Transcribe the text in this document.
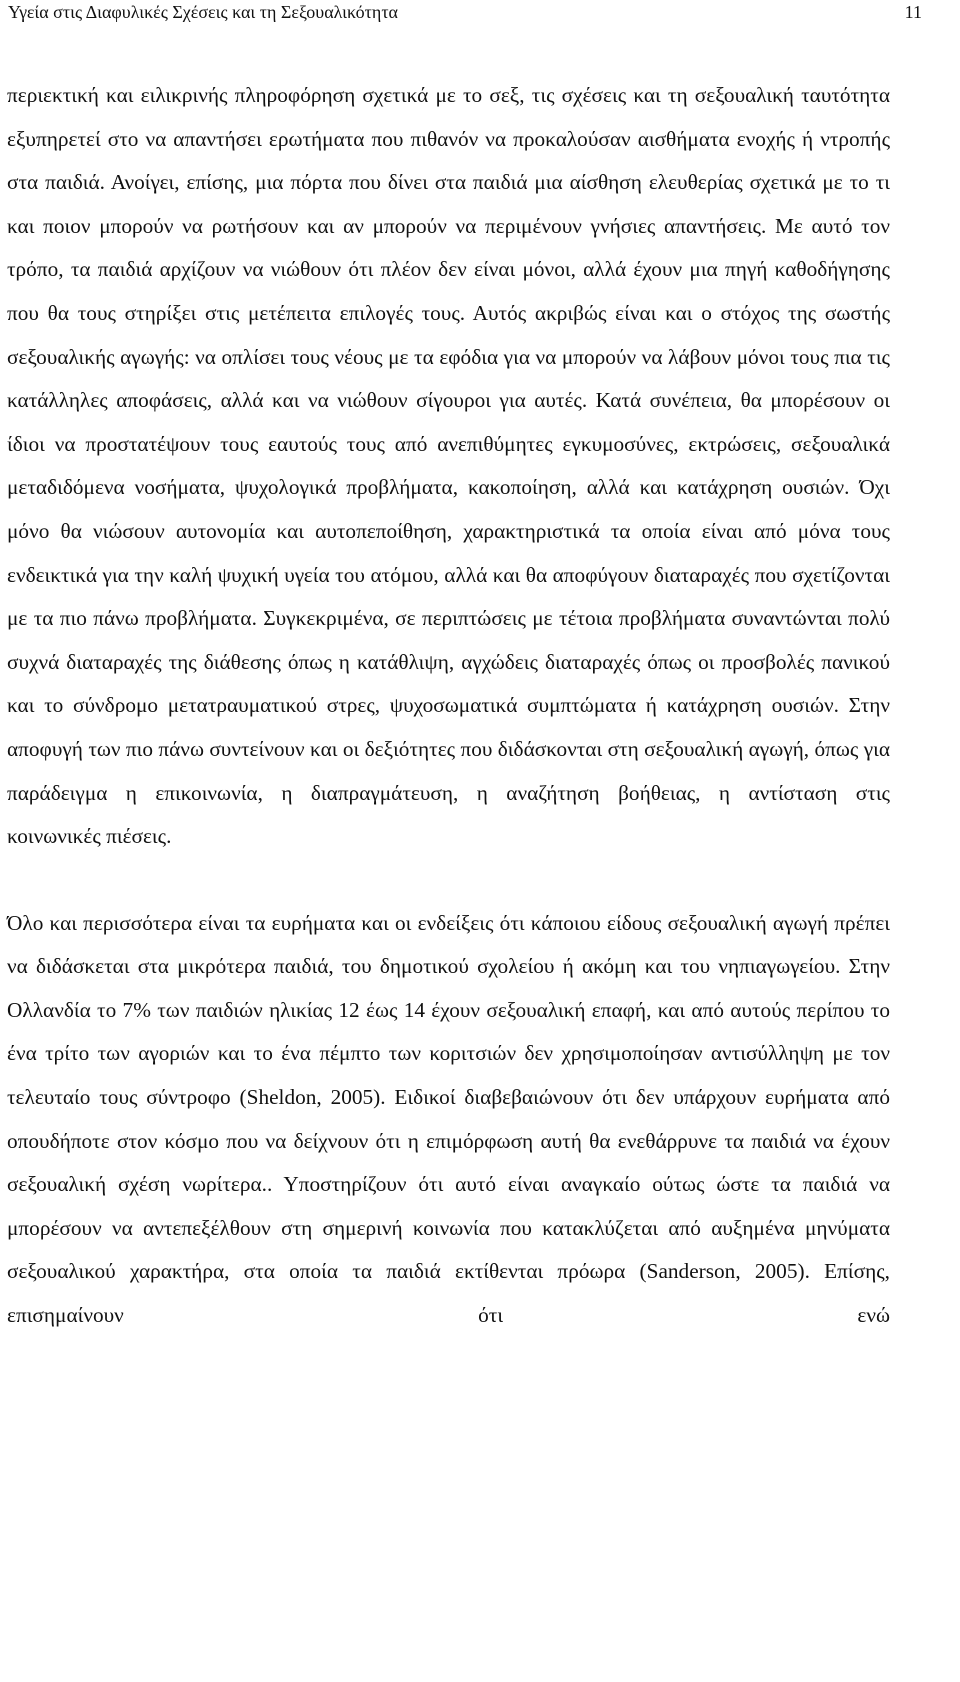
Υγεία στις Διαφυλικές Σχέσεις και τη Σεξουαλικότητα	11

περιεκτική και ειλικρινής πληροφόρηση σχετικά με το σεξ, τις σχέσεις και τη σεξουαλική ταυτότητα εξυπηρετεί στο να απαντήσει ερωτήματα που πιθανόν να προκαλούσαν αισθήματα ενοχής ή ντροπής στα παιδιά. Ανοίγει, επίσης, μια πόρτα που δίνει στα παιδιά μια αίσθηση ελευθερίας σχετικά με το τι και ποιον μπορούν να ρωτήσουν και αν μπορούν να περιμένουν γνήσιες απαντήσεις. Με αυτό τον τρόπο, τα παιδιά αρχίζουν να νιώθουν ότι πλέον δεν είναι μόνοι, αλλά έχουν μια πηγή καθοδήγησης που θα τους στηρίξει στις μετέπειτα επιλογές τους. Αυτός ακριβώς είναι και ο στόχος της σωστής σεξουαλικής αγωγής: να οπλίσει τους νέους με τα εφόδια για να μπορούν να λάβουν μόνοι τους πια τις κατάλληλες αποφάσεις, αλλά και να νιώθουν σίγουροι για αυτές. Κατά συνέπεια, θα μπορέσουν οι ίδιοι να προστατέψουν τους εαυτούς τους από ανεπιθύμητες εγκυμοσύνες, εκτρώσεις, σεξουαλικά μεταδιδόμενα νοσήματα, ψυχολογικά προβλήματα, κακοποίηση, αλλά και κατάχρηση ουσιών. Όχι μόνο θα νιώσουν αυτονομία και αυτοπεποίθηση, χαρακτηριστικά τα οποία είναι από μόνα τους ενδεικτικά για την καλή ψυχική υγεία του ατόμου, αλλά και θα αποφύγουν διαταραχές που σχετίζονται με τα πιο πάνω προβλήματα. Συγκεκριμένα, σε περιπτώσεις με τέτοια προβλήματα συναντώνται πολύ συχνά διαταραχές της διάθεσης όπως η κατάθλιψη, αγχώδεις διαταραχές όπως οι προσβολές πανικού και το σύνδρομο μετατραυματικού στρες, ψυχοσωματικά συμπτώματα ή κατάχρηση ουσιών. Στην αποφυγή των πιο πάνω συντείνουν και οι δεξιότητες που διδάσκονται στη σεξουαλική αγωγή, όπως για παράδειγμα η επικοινωνία, η διαπραγμάτευση, η αναζήτηση βοήθειας, η αντίσταση στις
κοινωνικές πιέσεις.

Όλο και περισσότερα είναι τα ευρήματα και οι ενδείξεις ότι κάποιου είδους σεξουαλική αγωγή πρέπει να διδάσκεται στα μικρότερα παιδιά, του δημοτικού σχολείου ή ακόμη και του νηπιαγωγείου. Στην Ολλανδία το 7% των παιδιών ηλικίας 12 έως 14 έχουν σεξουαλική επαφή, και από αυτούς περίπου το ένα τρίτο των αγοριών και το ένα πέμπτο των κοριτσιών δεν χρησιμοποίησαν αντισύλληψη με τον τελευταίο τους σύντροφο (Sheldon, 2005). Ειδικοί διαβεβαιώνουν ότι δεν υπάρχουν ευρήματα από οπουδήποτε στον κόσμο που να δείχνουν ότι η επιμόρφωση αυτή θα ενεθάρρυνε τα παιδιά να έχουν σεξουαλική σχέση νωρίτερα.. Υποστηρίζουν ότι αυτό είναι αναγκαίο ούτως ώστε τα παιδιά να μπορέσουν να αντεπεξέλθουν στη σημερινή κοινωνία που κατακλύζεται από αυξημένα μηνύματα σεξουαλικού χαρακτήρα, στα οποία τα παιδιά εκτίθενται πρόωρα (Sanderson, 2005). Επίσης, επισημαίνουν ότι ενώ
